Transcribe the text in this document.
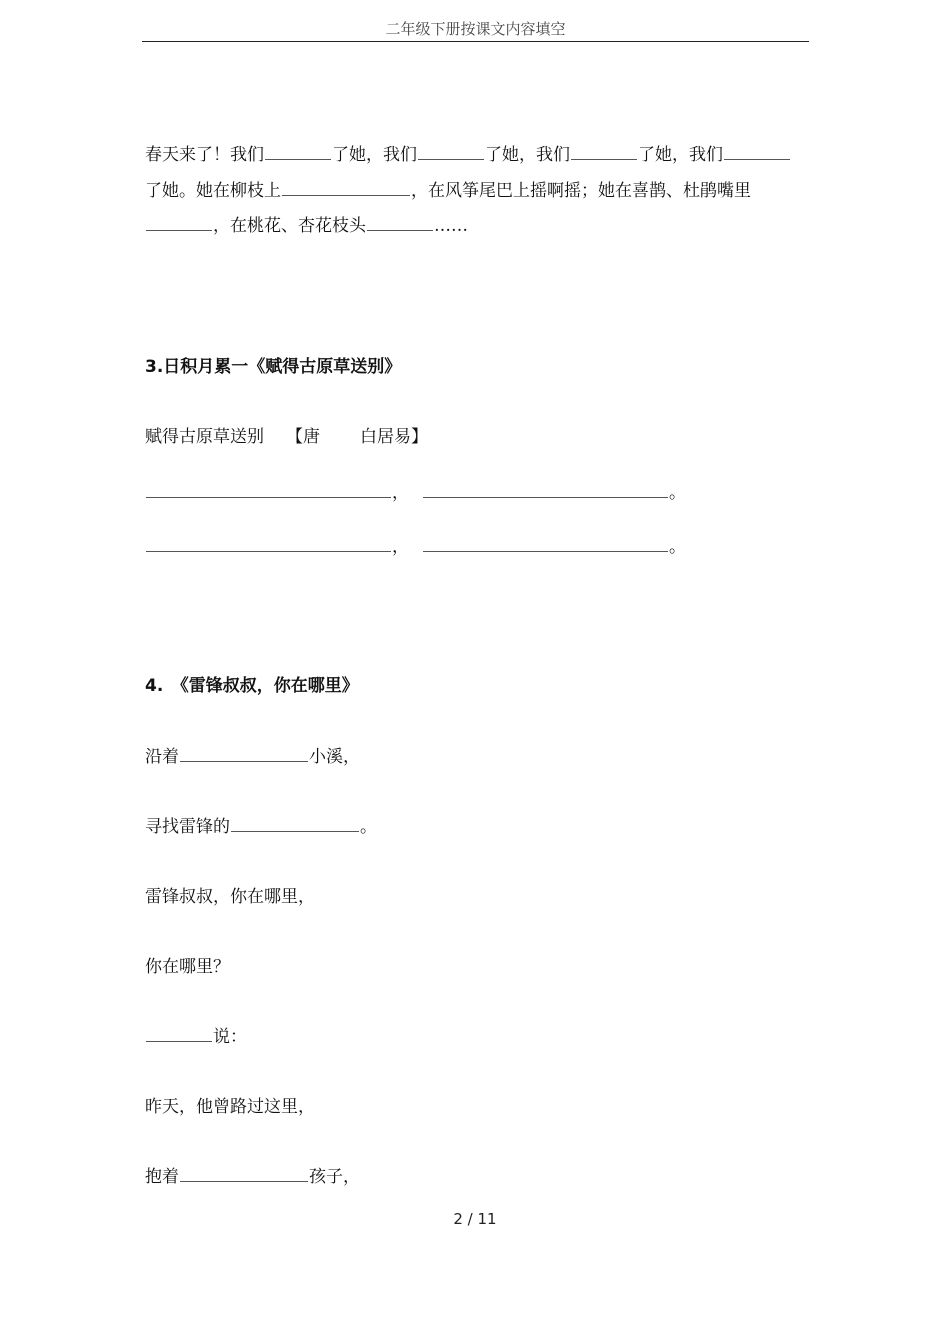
二年级下册按课文内容填空
春天来了！我们	了她，我们	了她，我们	了她，我们
了她。她在柳枝上	，在风筝尾巴上摇啊摇；她在喜鹊、杜鹃嘴里
，在桃花、杏花枝头	……
3.日积月累一《赋得古原草送别》
赋得古原草送别 【唐 白居易】
，	。
，	。
4.　《雷锋叔叔，你在哪里》
沿着	小溪，
寻找雷锋的	。
雷锋叔叔，你在哪里，
你在哪里？
说：
昨天，他曾路过这里，
抱着	孩子，
2 / 11
